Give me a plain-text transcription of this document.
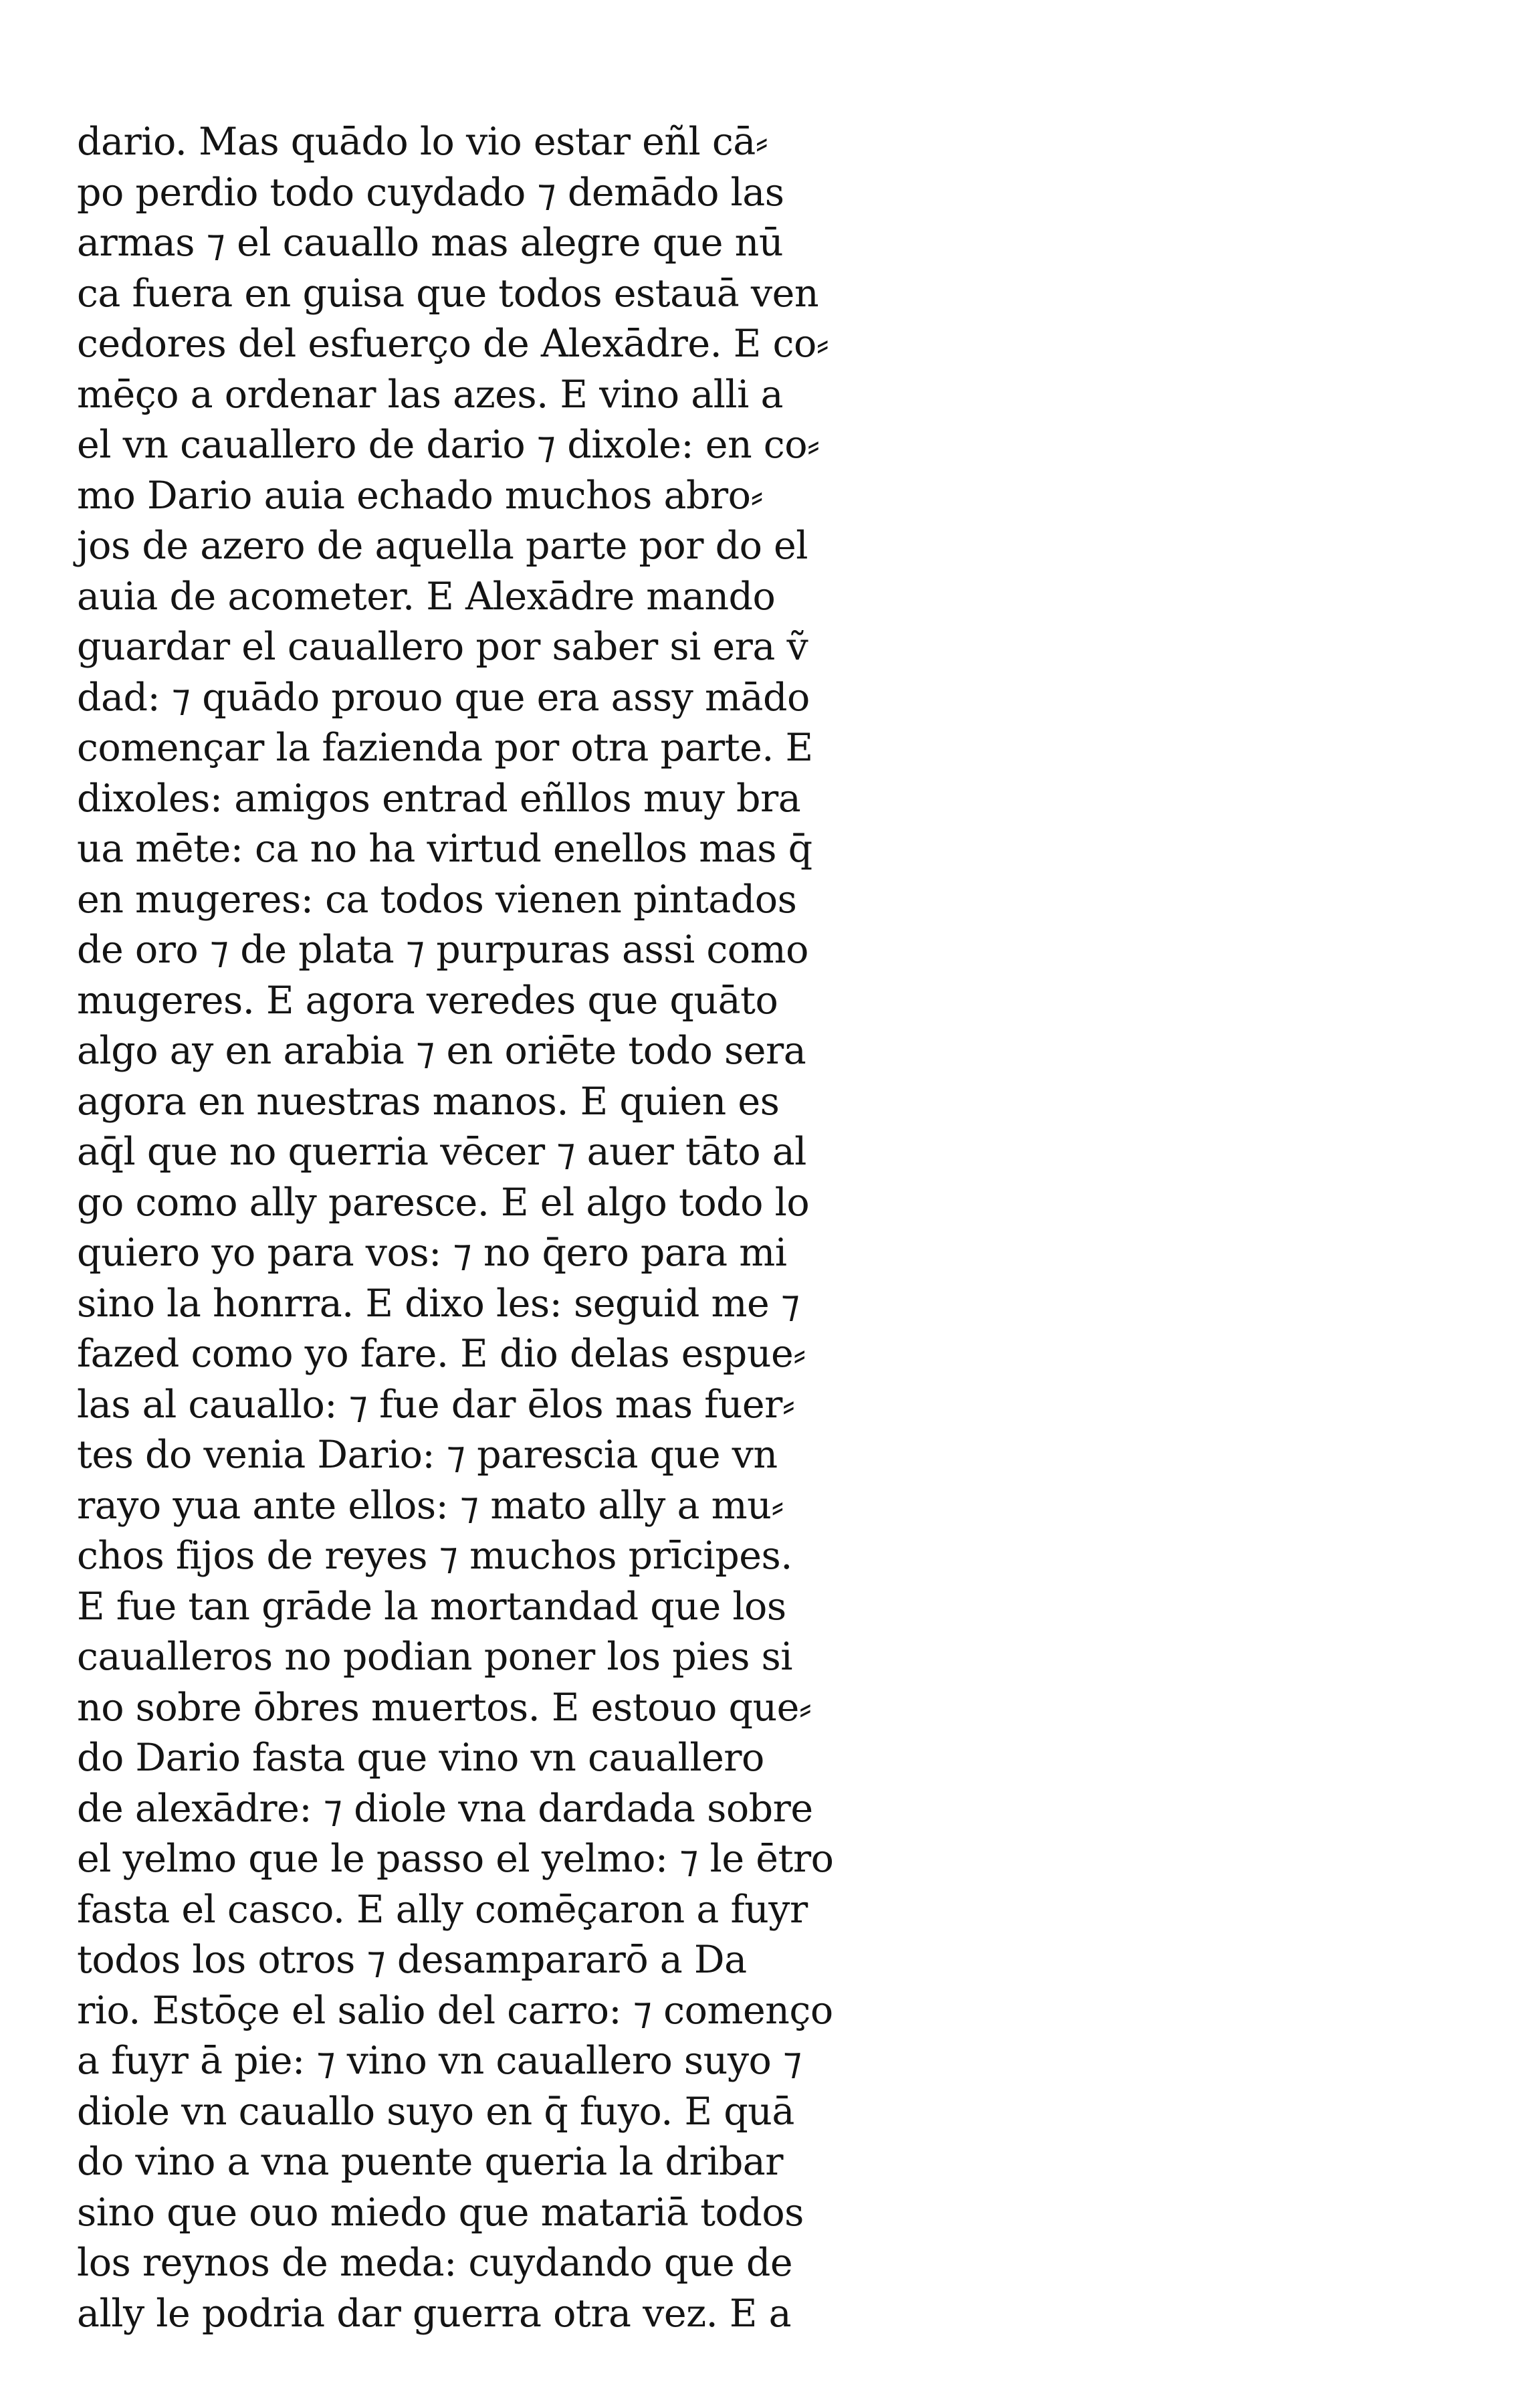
dario. Mas quādo lo vio estar eñl cā⸗
po perdio todo cuydado ⁊ demādo las
armas ⁊ el cauallo mas alegre que nū
ca fuera en guisa que todos estauā ven
cedores del esfuerço de Alexādre. E co⸗
mēço a ordenar las azes. E vino alli a
el vn cauallero de dario ⁊ dixole: en co⸗
mo Dario auia echado muchos abro⸗
jos de azero de aquella parte por do el
auia de acometer. E Alexādre mando
guardar el cauallero por saber si era ṽ
dad: ⁊ quādo prouo que era assy mādo
començar la fazienda por otra parte. E
dixoles: amigos entrad eñllos muy bra
ua mēte: ca no ha virtud enellos mas q̄
en mugeres: ca todos vienen pintados
de oro ⁊ de plata ⁊ purpuras assi como
mugeres. E agora veredes que quāto
algo ay en arabia ⁊ en oriēte todo sera
agora en nuestras manos. E quien es
aq̄l que no querria vēcer ⁊ auer tāto al
go como ally paresce. E el algo todo lo
quiero yo para vos: ⁊ no q̄ero para mi
sino la honrra. E dixo les: seguid me ⁊
fazed como yo fare. E dio delas espue⸗
las al cauallo: ⁊ fue dar ēlos mas fuer⸗
tes do venia Dario: ⁊ parescia que vn
rayo yua ante ellos: ⁊ mato ally a mu⸗
chos fijos de reyes ⁊ muchos prīcipes.
E fue tan grāde la mortandad que los
caualleros no podian poner los pies si
no sobre ōbres muertos. E estouo que⸗
do Dario fasta que vino vn cauallero
de alexādre: ⁊ diole vna dardada sobre
el yelmo que le passo el yelmo: ⁊ le ētro
fasta el casco. E ally comēçaron a fuyr
todos los otros ⁊ desampararō a Da
rio. Estōçe el salio del carro: ⁊ començo
a fuyr ā pie: ⁊ vino vn cauallero suyo ⁊
diole vn cauallo suyo en q̄ fuyo. E quā
do vino a vna puente queria la dribar
sino que ouo miedo que matariā todos
los reynos de meda: cuydando que de
ally le podria dar guerra otra vez. E a
